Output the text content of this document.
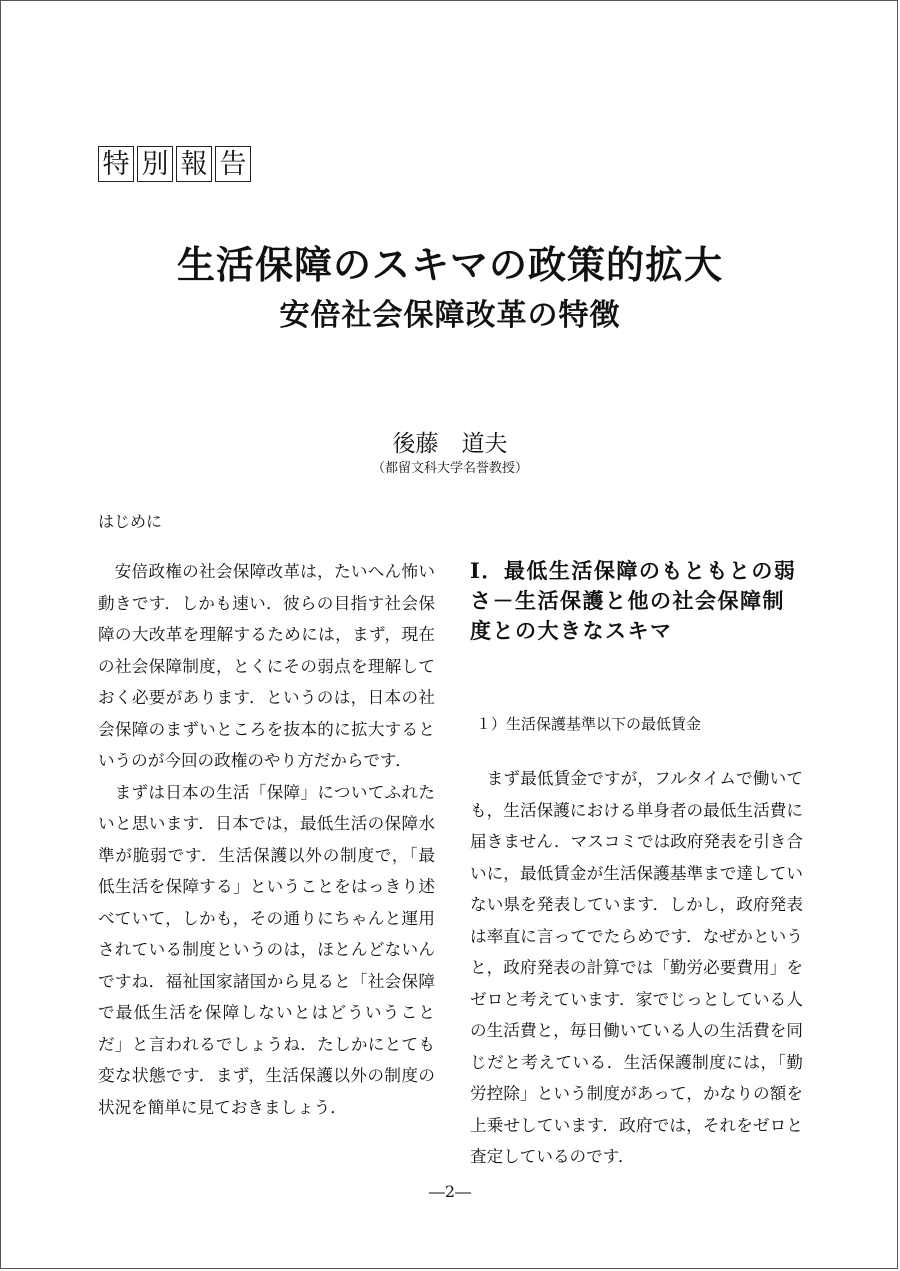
特 別 報 告
生活保障のスキマの政策的拡大
安倍社会保障改革の特徴
後藤　道夫
（都留文科大学名誉教授）
はじめに

安倍政権の社会保障改革は，たいへん怖い動きです．しかも速い．彼らの目指す社会保障の大改革を理解するためには，まず，現在の社会保障制度，とくにその弱点を理解しておく必要があります．というのは，日本の社会保障のまずいところを抜本的に拡大するというのが今回の政権のやり方だからです．

まずは日本の生活「保障」についてふれたいと思います．日本では，最低生活の保障水準が脆弱です．生活保護以外の制度で，「最低生活を保障する」ということをはっきり述べていて，しかも，その通りにちゃんと運用されている制度というのは，ほとんどないんですね．福祉国家諸国から見ると「社会保障で最低生活を保障しないとはどういうことだ」と言われるでしょうね．たしかにとても変な状態です．まず，生活保護以外の制度の状況を簡単に見ておきましょう．

Ⅰ．最低生活保障のもともとの弱さ－生活保護と他の社会保障制度との大きなスキマ
１）生活保護基準以下の最低賃金

まず最低賃金ですが，フルタイムで働いても，生活保護における単身者の最低生活費に届きません．マスコミでは政府発表を引き合いに，最低賃金が生活保護基準まで達していない県を発表しています．しかし，政府発表は率直に言ってでたらめです．なぜかというと，政府発表の計算では「勤労必要費用」をゼロと考えています．家でじっとしている人の生活費と，毎日働いている人の生活費を同じだと考えている．生活保護制度には，「勤労控除」という制度があって，かなりの額を上乗せしています．政府では，それをゼロと査定しているのです．

―2―
